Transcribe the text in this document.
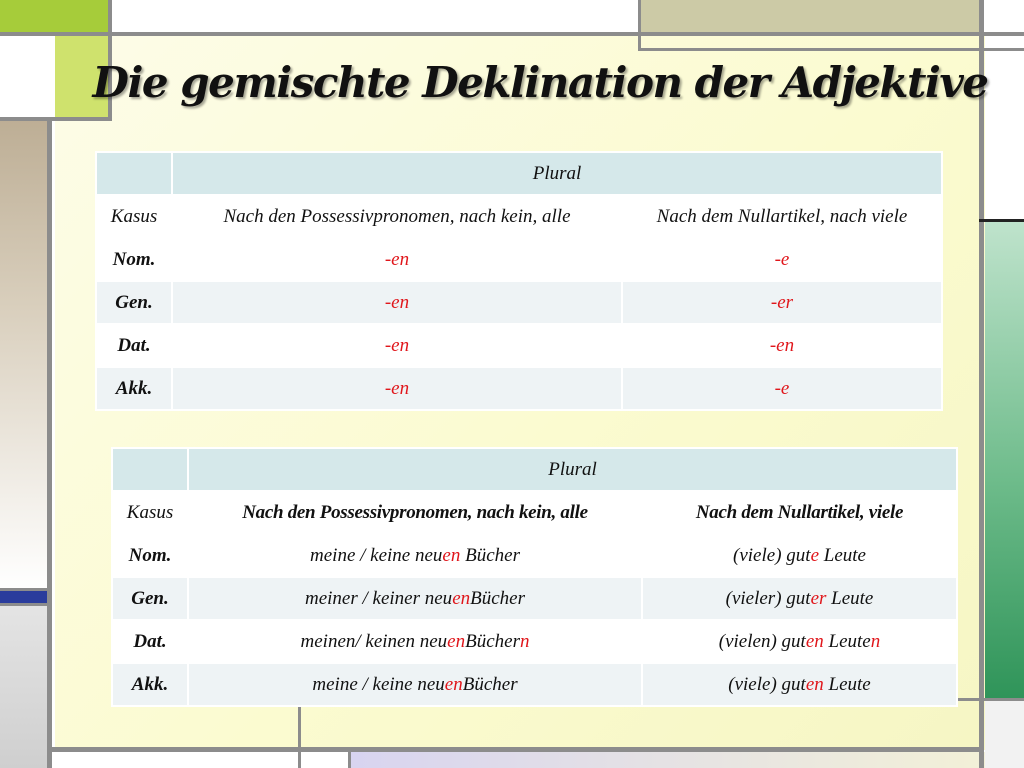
Die gemischte Deklination der Adjektive
	Plural	
Kasus	Nach den Possessivpronomen, nach kein, alle	Nach dem Nullartikel, nach viele
Nom.	-en	-e
Gen.	-en	-er
Dat.	-en	-en
Akk.	-en	-e
	Plural	
Kasus	Nach den Possessivpronomen, nach kein, alle	Nach dem Nullartikel, viele
Nom.	meine / keine neuen Bücher	(viele) gute Leute
Gen.	meiner / keiner neuenBücher	(vieler) guter Leute
Dat.	meinen/ keinen neuenBüchern	(vielen) guten Leuten
Akk.	meine / keine neuenBücher	(viele) guten Leute
